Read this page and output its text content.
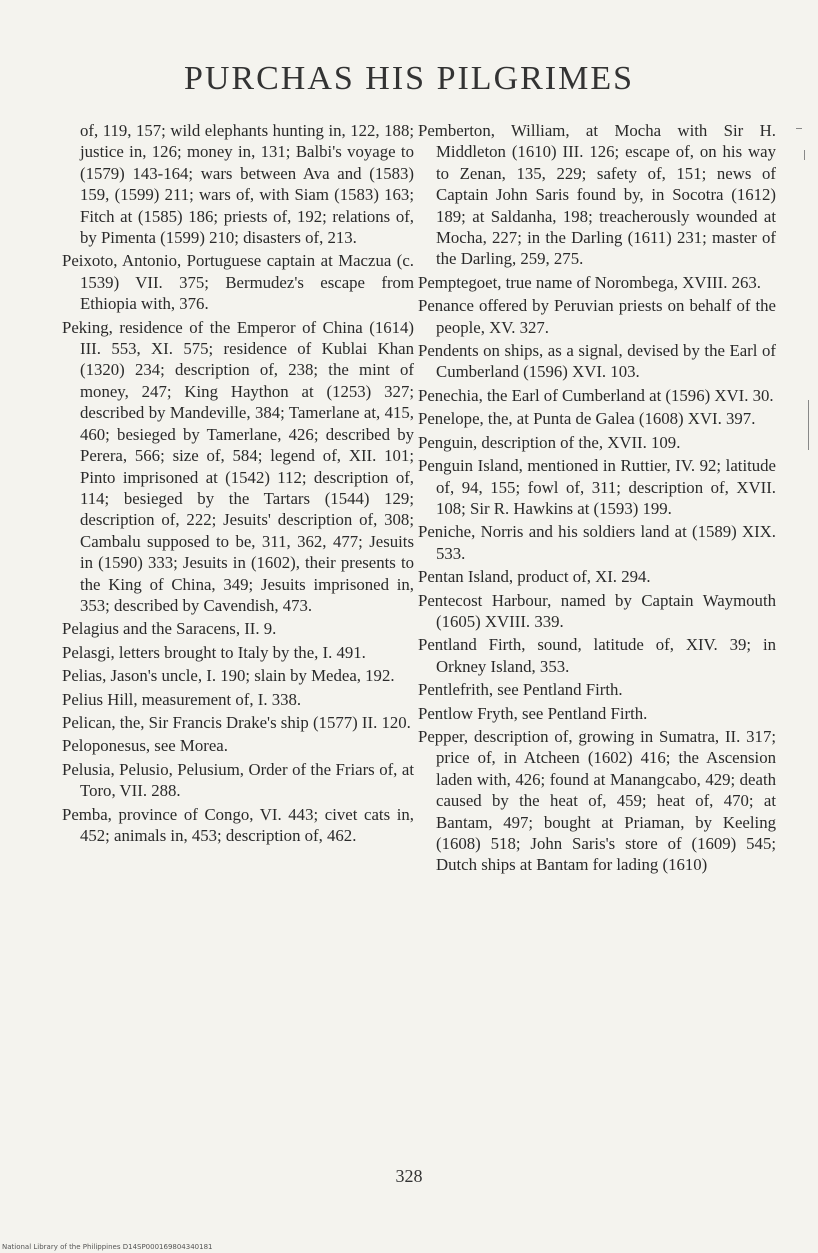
PURCHAS HIS PILGRIMES

of, 119, 157; wild elephants hunting in, 122, 188; justice in, 126; money in, 131; Balbi's voyage to (1579) 143-164; wars between Ava and (1583) 159, (1599) 211; wars of, with Siam (1583) 163; Fitch at (1585) 186; priests of, 192; relations of, by Pimenta (1599) 210; disasters of, 213.

Peixoto, Antonio, Portuguese captain at Maczua (c. 1539) VII. 375; Bermudez's escape from Ethiopia with, 376.

Peking, residence of the Emperor of China (1614) III. 553, XI. 575; residence of Kublai Khan (1320) 234; description of, 238; the mint of money, 247; King Haython at (1253) 327; described by Mandeville, 384; Tamerlane at, 415, 460; besieged by Tamerlane, 426; described by Perera, 566; size of, 584; legend of, XII. 101; Pinto imprisoned at (1542) 112; description of, 114; besieged by the Tartars (1544) 129; description of, 222; Jesuits' description of, 308; Cambalu supposed to be, 311, 362, 477; Jesuits in (1590) 333; Jesuits in (1602), their presents to the King of China, 349; Jesuits imprisoned in, 353; described by Cavendish, 473.

Pelagius and the Saracens, II. 9.

Pelasgi, letters brought to Italy by the, I. 491.

Pelias, Jason's uncle, I. 190; slain by Medea, 192.

Pelius Hill, measurement of, I. 338.

Pelican, the, Sir Francis Drake's ship (1577) II. 120.

Peloponesus, see Morea.

Pelusia, Pelusio, Pelusium, Order of the Friars of, at Toro, VII. 288.

Pemba, province of Congo, VI. 443; civet cats in, 452; animals in, 453; description of, 462.

Pemberton, William, at Mocha with Sir H. Middleton (1610) III. 126; escape of, on his way to Zenan, 135, 229; safety of, 151; news of Captain John Saris found by, in Socotra (1612) 189; at Saldanha, 198; treacherously wounded at Mocha, 227; in the Darling (1611) 231; master of the Darling, 259, 275.

Pemptegoet, true name of Norombega, XVIII. 263.

Penance offered by Peruvian priests on behalf of the people, XV. 327.

Pendents on ships, as a signal, devised by the Earl of Cumberland (1596) XVI. 103.

Penechia, the Earl of Cumberland at (1596) XVI. 30.

Penelope, the, at Punta de Galea (1608) XVI. 397.

Penguin, description of the, XVII. 109.

Penguin Island, mentioned in Ruttier, IV. 92; latitude of, 94, 155; fowl of, 311; description of, XVII. 108; Sir R. Hawkins at (1593) 199.

Peniche, Norris and his soldiers land at (1589) XIX. 533.

Pentan Island, product of, XI. 294.

Pentecost Harbour, named by Captain Waymouth (1605) XVIII. 339.

Pentland Firth, sound, latitude of, XIV. 39; in Orkney Island, 353.

Pentlefrith, see Pentland Firth.

Pentlow Fryth, see Pentland Firth.

Pepper, description of, growing in Sumatra, II. 317; price of, in Atcheen (1602) 416; the Ascension laden with, 426; found at Manangcabo, 429; death caused by the heat of, 459; heat of, 470; at Bantam, 497; bought at Priaman, by Keeling (1608) 518; John Saris's store of (1609) 545; Dutch ships at Bantam for lading (1610)

328
National Library of the Philippines D14SP000169804340181
